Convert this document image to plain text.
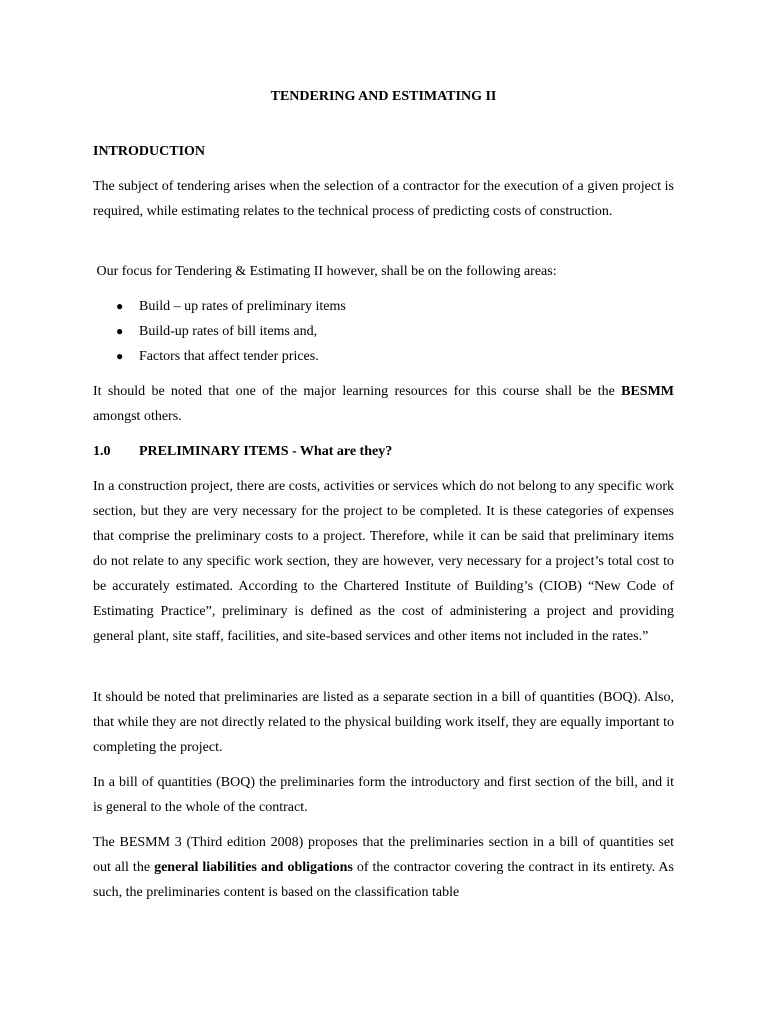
TENDERING AND ESTIMATING II
INTRODUCTION
The subject of tendering arises when the selection of a contractor for the execution of a given project is required, while estimating relates to the technical process of predicting costs of construction.
Our focus for Tendering & Estimating II however, shall be on the following areas:
● Build – up rates of preliminary items
● Build-up rates of bill items and,
● Factors that affect tender prices.
It should be noted that one of the major learning resources for this course shall be the BESMM amongst others.
1.0 PRELIMINARY ITEMS - What are they?
In a construction project, there are costs, activities or services which do not belong to any specific work section, but they are very necessary for the project to be completed. It is these categories of expenses that comprise the preliminary costs to a project. Therefore, while it can be said that preliminary items do not relate to any specific work section, they are however, very necessary for a project’s total cost to be accurately estimated. According to the Chartered Institute of Building’s (CIOB) “New Code of Estimating Practice”, preliminary is defined as the cost of administering a project and providing general plant, site staff, facilities, and site-based services and other items not included in the rates.”
It should be noted that preliminaries are listed as a separate section in a bill of quantities (BOQ). Also, that while they are not directly related to the physical building work itself, they are equally important to completing the project.
In a bill of quantities (BOQ) the preliminaries form the introductory and first section of the bill, and it is general to the whole of the contract.
The BESMM 3 (Third edition 2008) proposes that the preliminaries section in a bill of quantities set out all the general liabilities and obligations of the contractor covering the contract in its entirety. As such, the preliminaries content is based on the classification table
